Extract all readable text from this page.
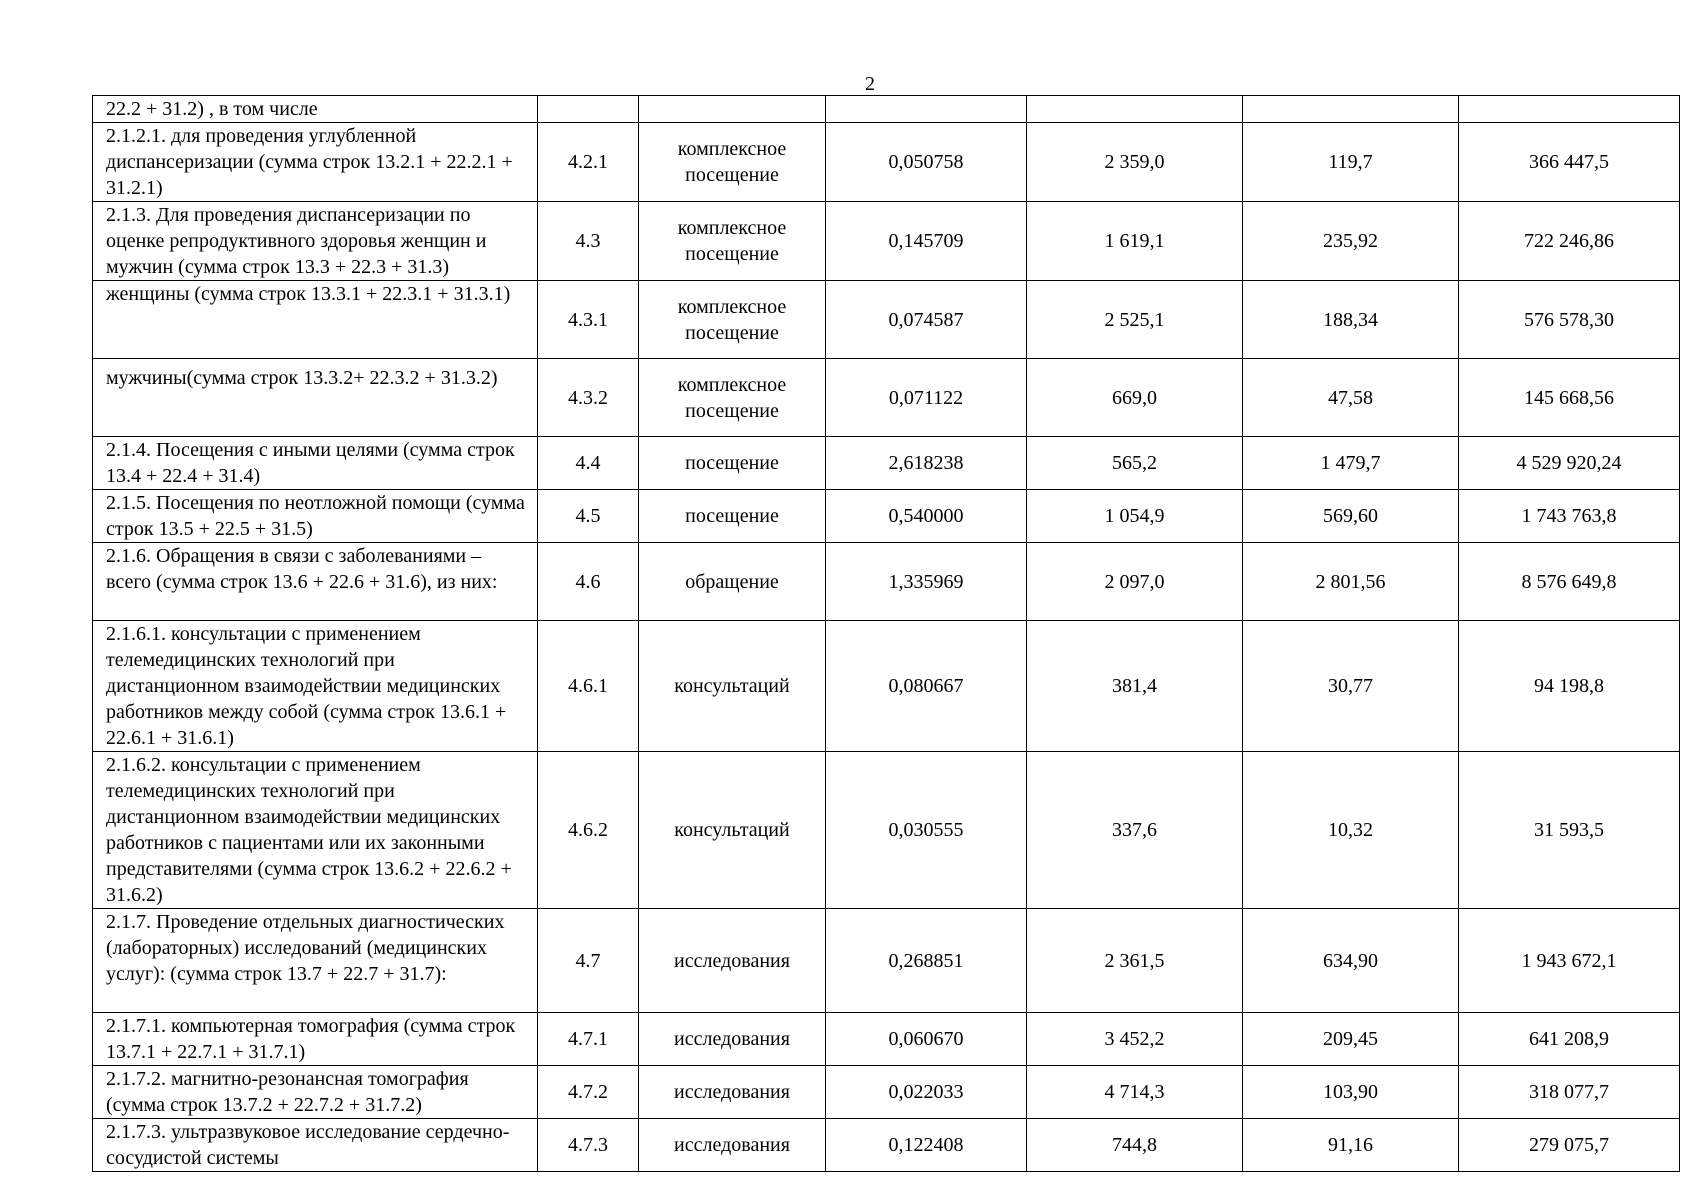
2
22.2 + 31.2) , в том числе						
2.1.2.1. для проведения углубленной диспансеризации (сумма строк 13.2.1 + 22.2.1 + 31.2.1)	4.2.1	комплексное посещение	0,050758	2 359,0	119,7	366 447,5
2.1.3. Для проведения диспансеризации по оценке репродуктивного здоровья женщин и мужчин (сумма строк 13.3 + 22.3 + 31.3)	4.3	комплексное посещение	0,145709	1 619,1	235,92	722 246,86
женщины (сумма строк 13.3.1 + 22.3.1 + 31.3.1)	4.3.1	комплексное посещение	0,074587	2 525,1	188,34	576 578,30
мужчины(сумма строк 13.3.2+ 22.3.2 + 31.3.2)	4.3.2	комплексное посещение	0,071122	669,0	47,58	145 668,56
2.1.4. Посещения с иными целями (сумма строк 13.4 + 22.4 + 31.4)	4.4	посещение	2,618238	565,2	1 479,7	4 529 920,24
2.1.5. Посещения по неотложной помощи (сумма строк 13.5 + 22.5 + 31.5)	4.5	посещение	0,540000	1 054,9	569,60	1 743 763,8
2.1.6. Обращения в связи с заболеваниями – всего (сумма строк 13.6 + 22.6 + 31.6), из них:	4.6	обращение	1,335969	2 097,0	2 801,56	8 576 649,8
2.1.6.1. консультации с применением телемедицинских технологий при дистанционном взаимодействии медицинских работников между собой (сумма строк 13.6.1 + 22.6.1 + 31.6.1)	4.6.1	консультаций	0,080667	381,4	30,77	94 198,8
2.1.6.2. консультации с применением телемедицинских технологий при дистанционном взаимодействии медицинских работников с пациентами или их законными представителями (сумма строк 13.6.2 + 22.6.2 + 31.6.2)	4.6.2	консультаций	0,030555	337,6	10,32	31 593,5
2.1.7. Проведение отдельных диагностических (лабораторных) исследований (медицинских услуг): (сумма строк 13.7 + 22.7 + 31.7):	4.7	исследования	0,268851	2 361,5	634,90	1 943 672,1
2.1.7.1. компьютерная томография (сумма строк 13.7.1 + 22.7.1 + 31.7.1)	4.7.1	исследования	0,060670	3 452,2	209,45	641 208,9
2.1.7.2. магнитно-резонансная томография (сумма строк 13.7.2 + 22.7.2 + 31.7.2)	4.7.2	исследования	0,022033	4 714,3	103,90	318 077,7
2.1.7.3. ультразвуковое исследование сердечно-сосудистой системы	4.7.3	исследования	0,122408	744,8	91,16	279 075,7
